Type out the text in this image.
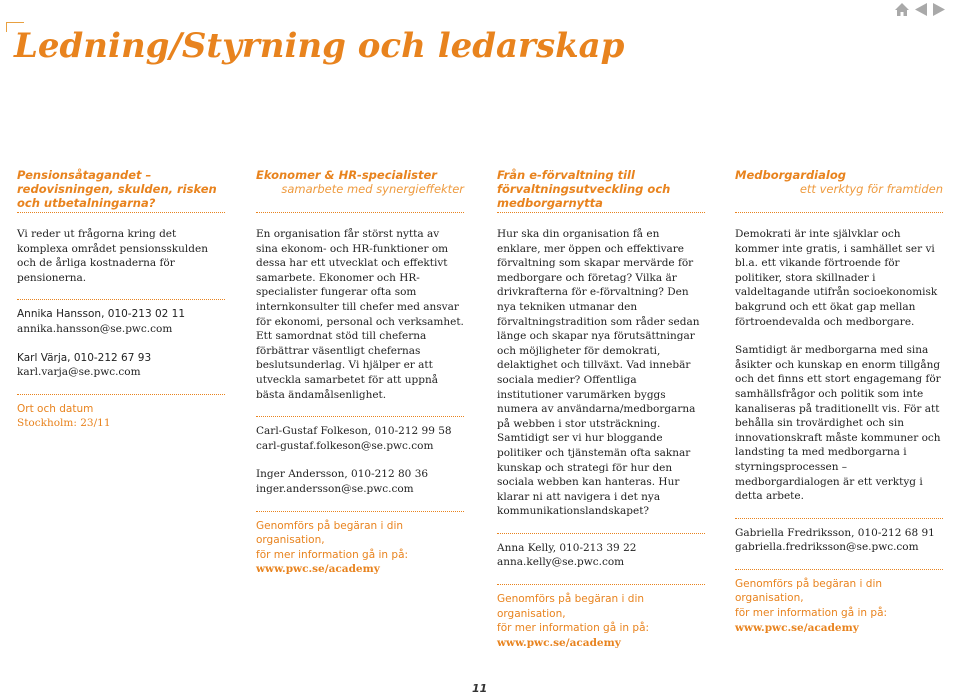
Ledning/Styrning och ledarskap
Pensionsåtagandet – redovisningen, skulden, risken och utbetalningarna?

Vi reder ut frågorna kring det komplexa området pensionsskulden och de årliga kostnaderna för pensionerna.

Annika Hansson, 010-213 02 11

annika.hansson@se.pwc.com

Karl Värja, 010-212 67 93

karl.varja@se.pwc.com

Ort och datum

Stockholm: 23/11

Ekonomer & HR-specialister
samarbete med synergieffekter

En organisation får störst nytta av sina ekonom- och HR-funktioner om dessa har ett utvecklat och effektivt samarbete. Ekonomer och HR-specialister fungerar ofta som internkonsulter till chefer med ansvar för ekonomi, personal och verksamhet. Ett samordnat stöd till cheferna förbättrar väsentligt chefernas beslutsunderlag. Vi hjälper er att utveckla samarbetet för att uppnå bästa ändamålsenlighet.

Carl-Gustaf Folkeson, 010-212 99 58

carl-gustaf.folkeson@se.pwc.com

Inger Andersson, 010-212 80 36

inger.andersson@se.pwc.com

Genomförs på begäran i din organisation,

för mer information gå in på:

www.pwc.se/academy

Från e-förvaltning till förvaltningsutveckling och medborgarnytta

Hur ska din organisation få en enklare, mer öppen och effektivare förvaltning som skapar mervärde för medborgare och företag? Vilka är drivkrafterna för e-förvaltning? Den nya tekniken utmanar den förvaltningstradition som råder sedan länge och skapar nya förutsättningar och möjligheter för demokrati, delaktighet och tillväxt. Vad innebär sociala medier? Offentliga institutioner varumärken byggs numera av användarna/medborgarna på webben i stor utsträckning. Samtidigt ser vi hur bloggande politiker och tjänstemän ofta saknar kunskap och strategi för hur den sociala webben kan hanteras. Hur klarar ni att navigera i det nya kommunikationslandskapet?

Anna Kelly, 010-213 39 22

anna.kelly@se.pwc.com

Genomförs på begäran i din organisation,

för mer information gå in på:

www.pwc.se/academy

Medborgardialog
ett verktyg för framtiden

Demokrati är inte självklar och kommer inte gratis, i samhället ser vi bl.a. ett vikande förtroende för politiker, stora skillnader i valdeltagande utifrån socioekonomisk bakgrund och ett ökat gap mellan förtroendevalda och medborgare.

Samtidigt är medborgarna med sina åsikter och kunskap en enorm tillgång och det finns ett stort engagemang för samhällsfrågor och politik som inte kanaliseras på traditionellt vis. För att behålla sin trovärdighet och sin innovationskraft måste kommuner och landsting ta med medborgarna i styrningsprocessen – medborgardialogen är ett verktyg i detta arbete.

Gabriella Fredriksson, 010-212 68 91

gabriella.fredriksson@se.pwc.com

Genomförs på begäran i din organisation,

för mer information gå in på:

www.pwc.se/academy

11
